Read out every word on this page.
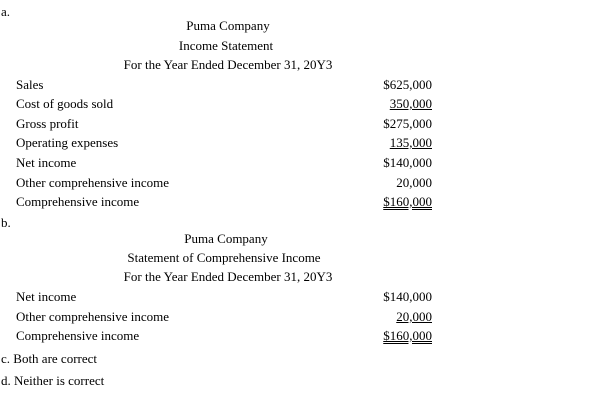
a.
Puma Company
Income Statement
For the Year Ended December 31, 20Y3
Sales	$625,000
Cost of goods sold	350,000
Gross profit	$275,000
Operating expenses	135,000
Net income	$140,000
Other comprehensive income	20,000
Comprehensive income	$160,000
b.
Puma Company
Statement of Comprehensive Income
For the Year Ended December 31, 20Y3
Net income	$140,000
Other comprehensive income	20,000
Comprehensive income	$160,000
c. Both are correct
d. Neither is correct
